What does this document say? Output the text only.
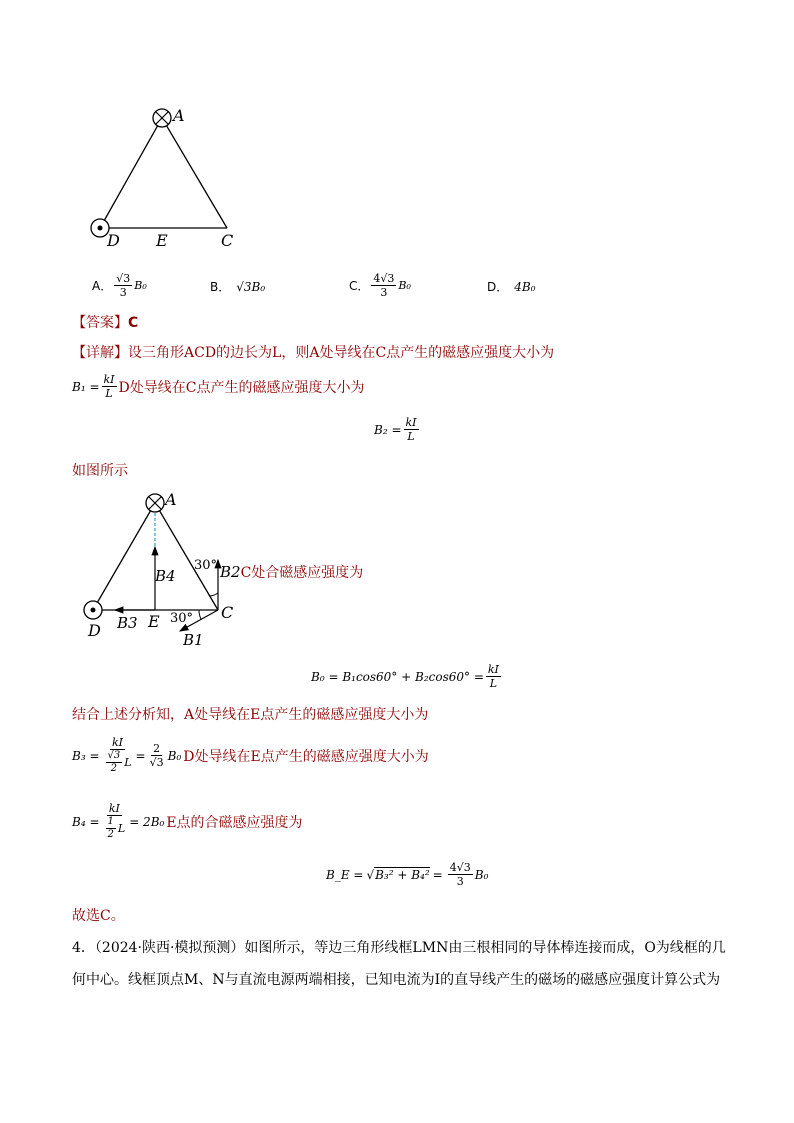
A
D E	C
A． $\frac{√3}{3} B_0$	B． √3B₀	C． $\frac{4√3}{3} B_0$	D． 4B₀
【答案】C
【详解】设三角形ACD的边长为L，则A处导线在C点产生的磁感应强度大小为
$B_1 = \frac{kI}{L}$ D处导线在C点产生的磁感应强度大小为
$B_2 = \frac{kI}{L}$
如图所示
A
D	E	C
B4
B3
B1
30°
30°
B2 C处合磁感应强度为
$B_0 = B_1\cos 60^\circ + B_2\cos 60^\circ = \frac{kI}{L}$
结合上述分析知，A处导线在E点产生的磁感应强度大小为
$B_3 = \frac{kI}{\frac{√3}{2} L} = \frac{2}{√3} B_0$ D处导线在E点产生的磁感应强度大小为
$B_4 = \frac{kI}{\frac{1}{2} L} = 2B_0$ E点的合磁感应强度为
B_E = √ $B_3^2 + B_4^2 = \frac{4√3}{3} B_0$
故选C。
4．（2024·陕西·模拟预测）如图所示，等边三角形线框LMN由三根相同的导体棒连接而成，O为线框的几
何中心。线框顶点M、N与直流电源两端相接，已知电流为I的直导线产生的磁场的磁感应强度计算公式为
